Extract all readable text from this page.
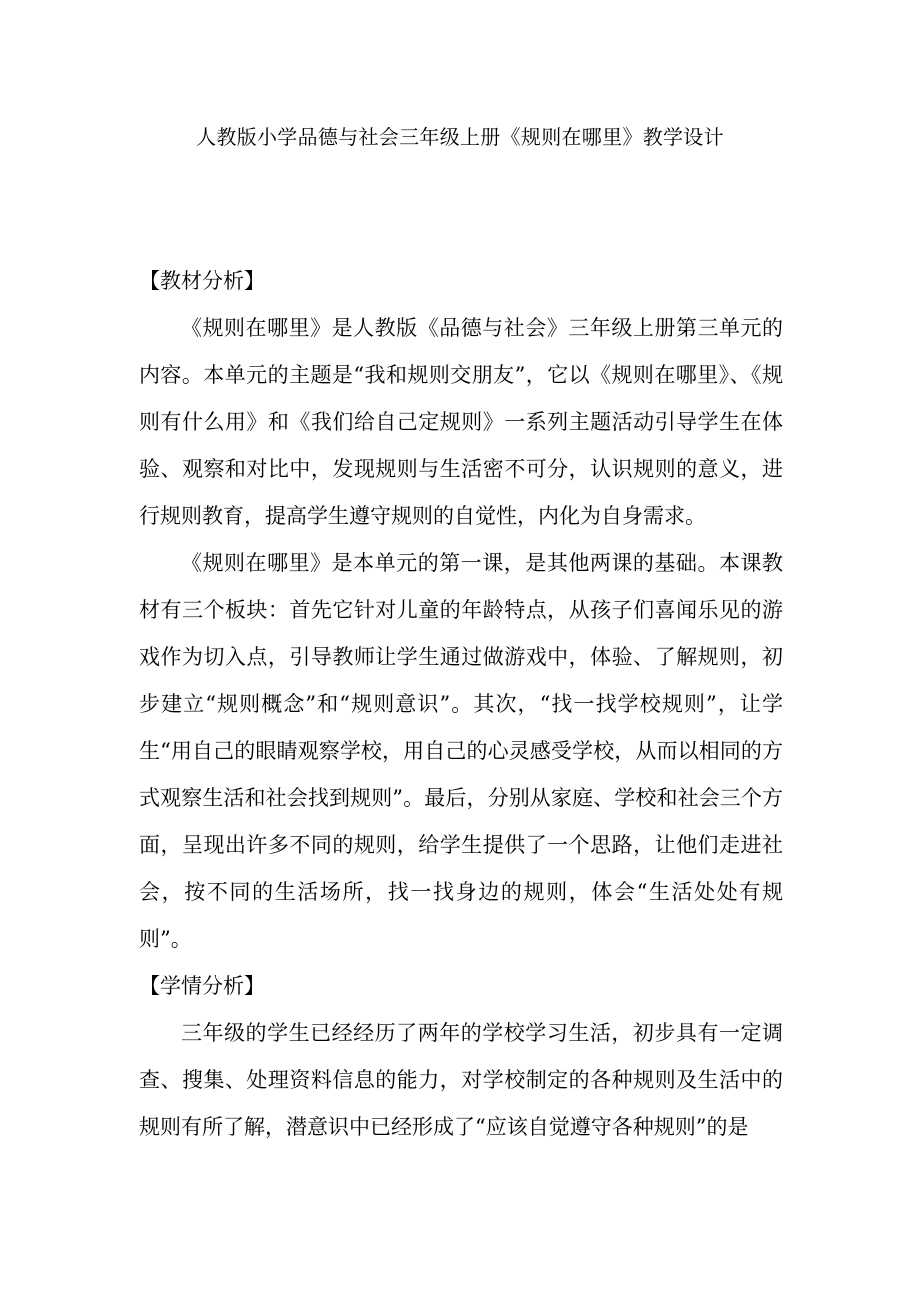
人教版小学品德与社会三年级上册《规则在哪里》教学设计
【教材分析】

《规则在哪里》是人教版《品德与社会》三年级上册第三单元的内容。本单元的主题是“我和规则交朋友”，它以《规则在哪里》、《规则有什么用》和《我们给自己定规则》一系列主题活动引导学生在体验、观察和对比中，发现规则与生活密不可分，认识规则的意义，进行规则教育，提高学生遵守规则的自觉性，内化为自身需求。

《规则在哪里》是本单元的第一课，是其他两课的基础。本课教材有三个板块：首先它针对儿童的年龄特点，从孩子们喜闻乐见的游戏作为切入点，引导教师让学生通过做游戏中，体验、了解规则，初步建立“规则概念”和“规则意识”。其次，“找一找学校规则”，让学生“用自己的眼睛观察学校，用自己的心灵感受学校，从而以相同的方式观察生活和社会找到规则”。最后，分别从家庭、学校和社会三个方面，呈现出许多不同的规则，给学生提供了一个思路，让他们走进社会，按不同的生活场所，找一找身边的规则，体会“生活处处有规则”。

【学情分析】

三年级的学生已经经历了两年的学校学习生活，初步具有一定调查、搜集、处理资料信息的能力，对学校制定的各种规则及生活中的规则有所了解，潜意识中已经形成了“应该自觉遵守各种规则”的是
